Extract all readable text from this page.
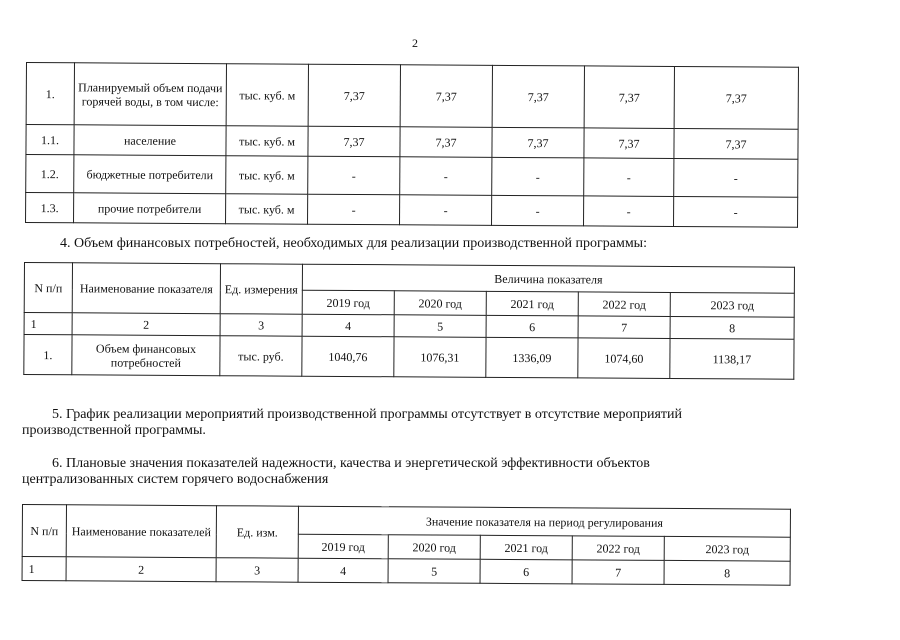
2
1.	Планируемый объем подачи горячей воды, в том числе:	тыс. куб. м	7,37	7,37	7,37	7,37	7,37
1.1.	население	тыс. куб. м	7,37	7,37	7,37	7,37	7,37
1.2.	бюджетные потребители	тыс. куб. м	-	-	-	-	-
1.3.	прочие потребители	тыс. куб. м	-	-	-	-	-
4. Объем финансовых потребностей, необходимых для реализации производственной программы:
N п/п	Наименование показателя	Ед. измерения	Величина показателя				
			2019 год	2020 год	2021 год	2022 год	2023 год
1	2	3	4	5	6	7	8
1.	Объем финансовых потребностей	тыс. руб.	1040,76	1076,31	1336,09	1074,60	1138,17
5. График реализации мероприятий производственной программы отсутствует в отсутствие мероприятий
производственной программы.
6. Плановые значения показателей надежности, качества и энергетической эффективности объектов
централизованных систем горячего водоснабжения
N п/п	Наименование показателей	Ед. изм.	Значение показателя на период регулирования				
			2019 год	2020 год	2021 год	2022 год	2023 год
1	2	3	4	5	6	7	8
